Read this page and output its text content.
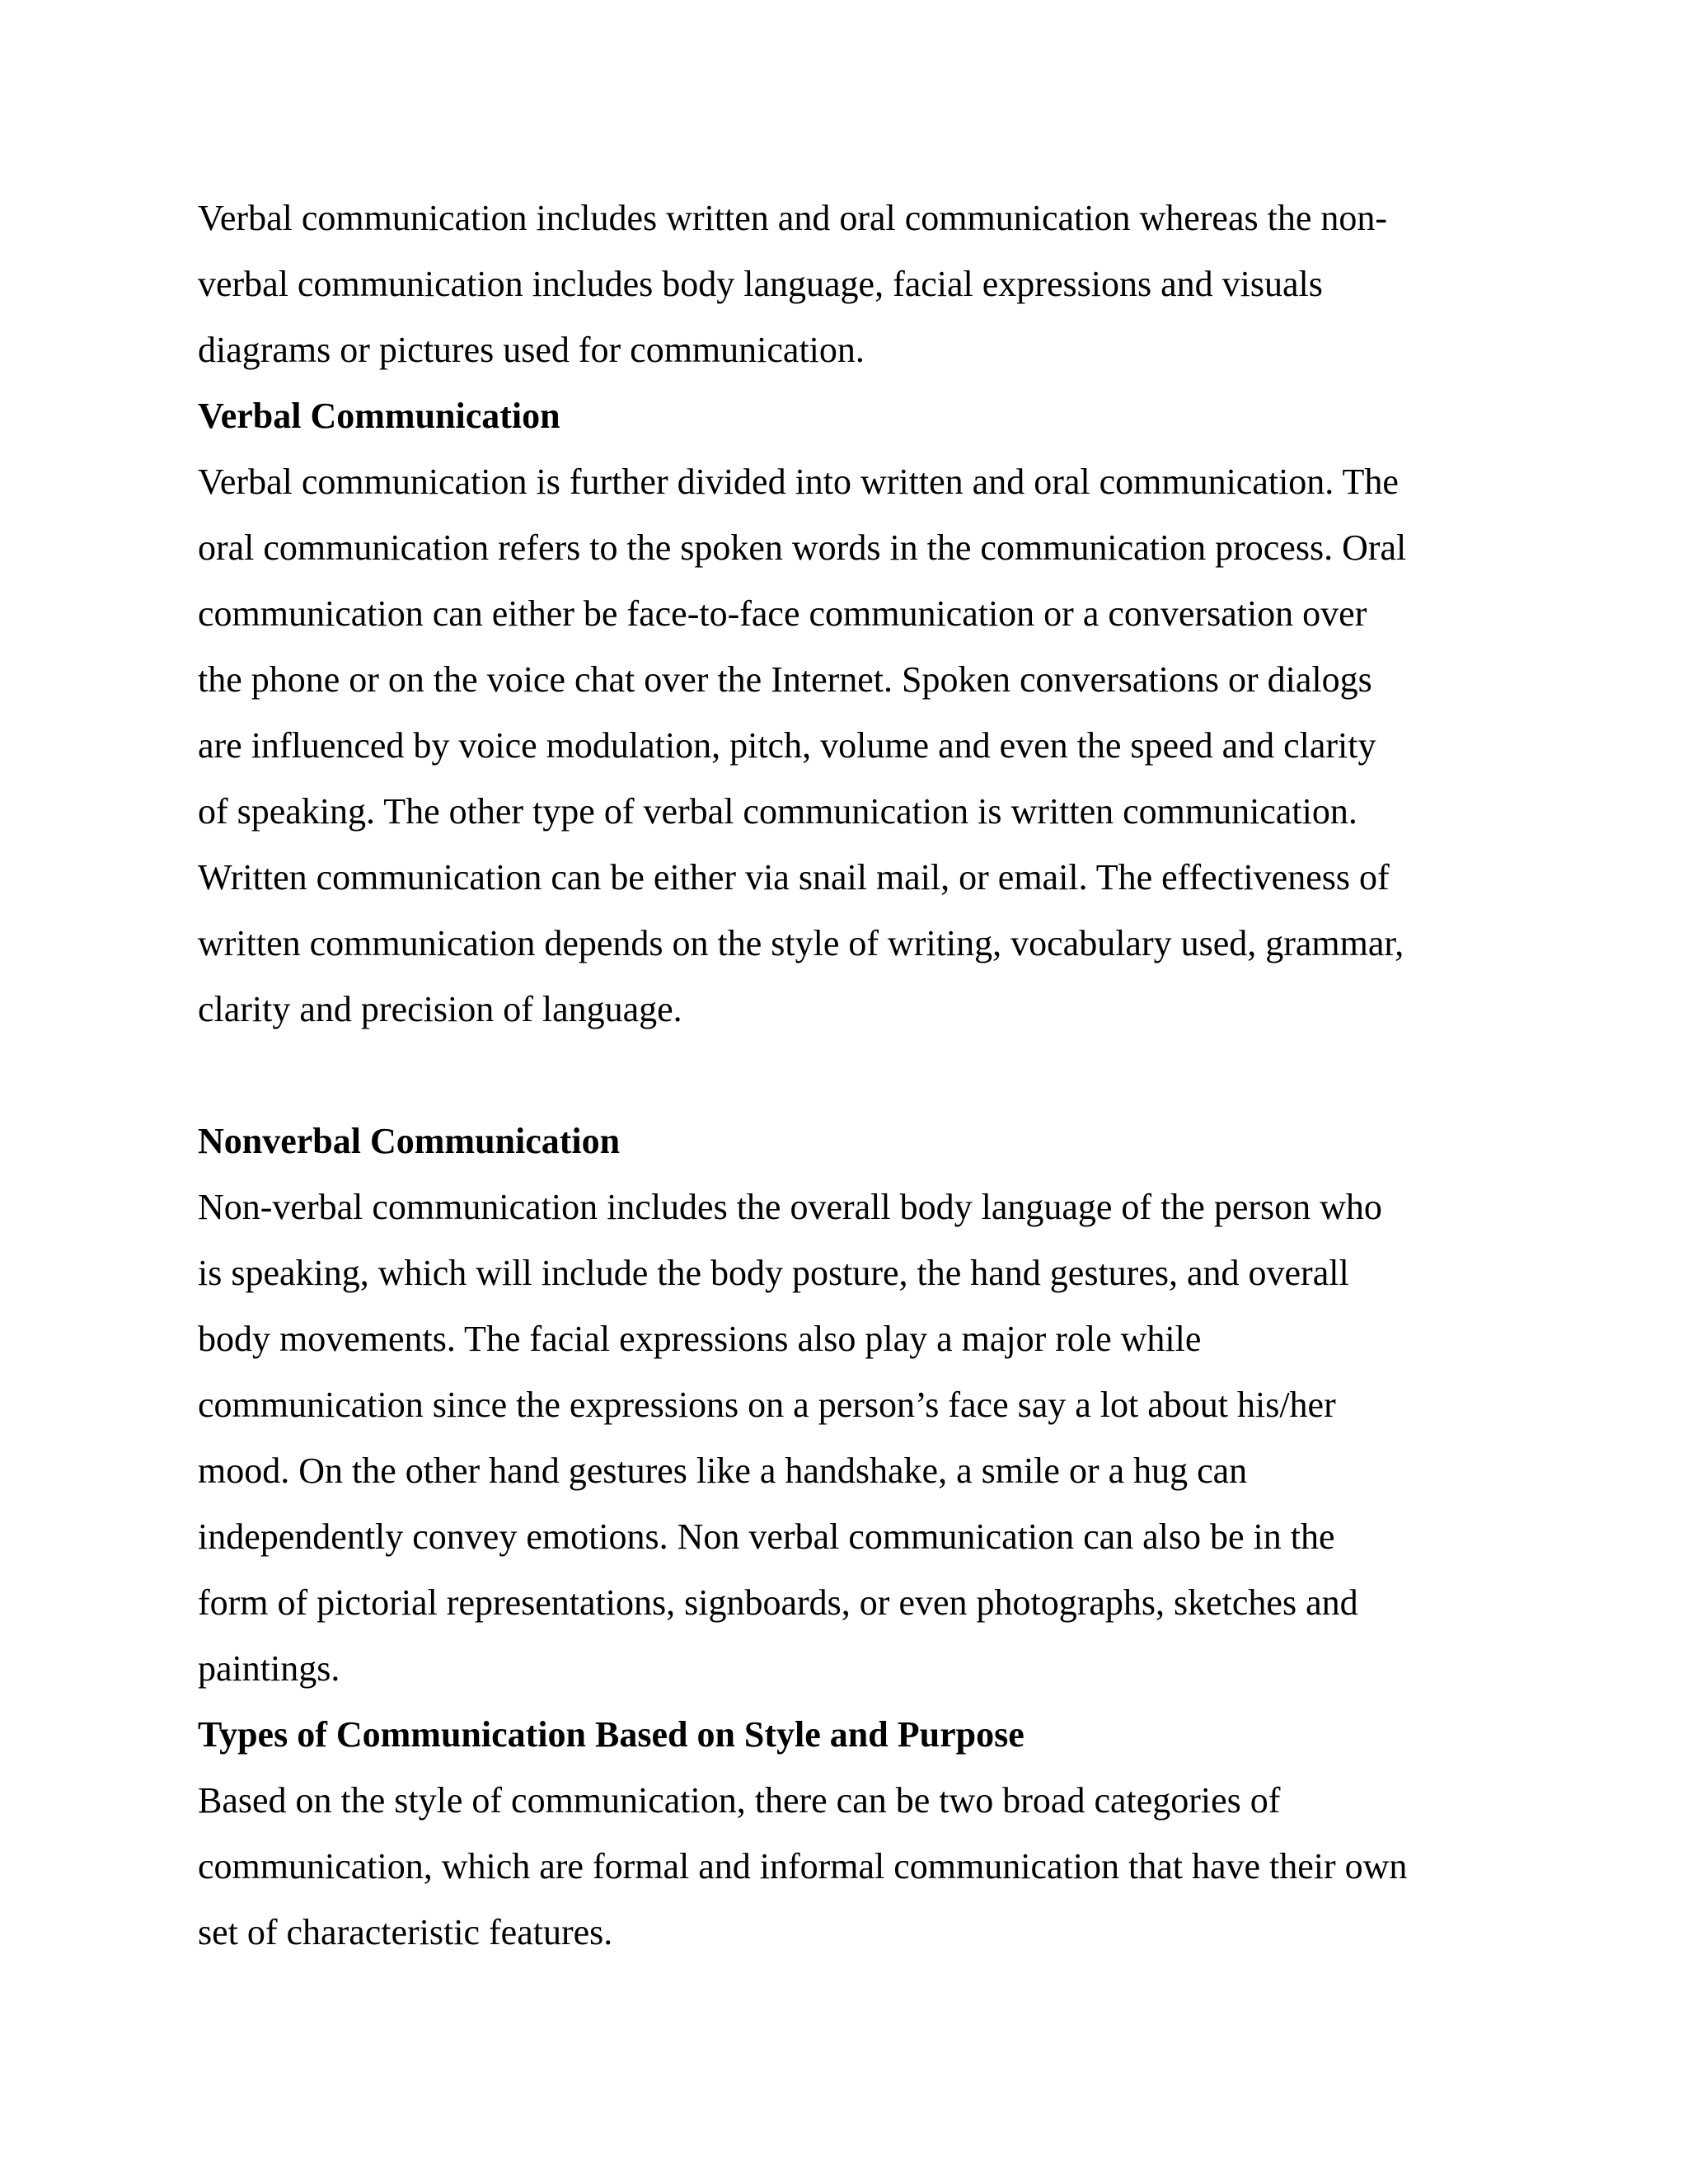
Verbal communication includes written and oral communication whereas the non-
verbal communication includes body language, facial expressions and visuals
diagrams or pictures used for communication.
Verbal Communication
Verbal communication is further divided into written and oral communication. The
oral communication refers to the spoken words in the communication process. Oral
communication can either be face-to-face communication or a conversation over
the phone or on the voice chat over the Internet. Spoken conversations or dialogs
are influenced by voice modulation, pitch, volume and even the speed and clarity
of speaking. The other type of verbal communication is written communication.
Written communication can be either via snail mail, or email. The effectiveness of
written communication depends on the style of writing, vocabulary used, grammar,
clarity and precision of language.
Nonverbal Communication
Non-verbal communication includes the overall body language of the person who
is speaking, which will include the body posture, the hand gestures, and overall
body movements. The facial expressions also play a major role while
communication since the expressions on a person’s face say a lot about his/her
mood. On the other hand gestures like a handshake, a smile or a hug can
independently convey emotions. Non verbal communication can also be in the
form of pictorial representations, signboards, or even photographs, sketches and
paintings.
Types of Communication Based on Style and Purpose
Based on the style of communication, there can be two broad categories of
communication, which are formal and informal communication that have their own
set of characteristic features.
